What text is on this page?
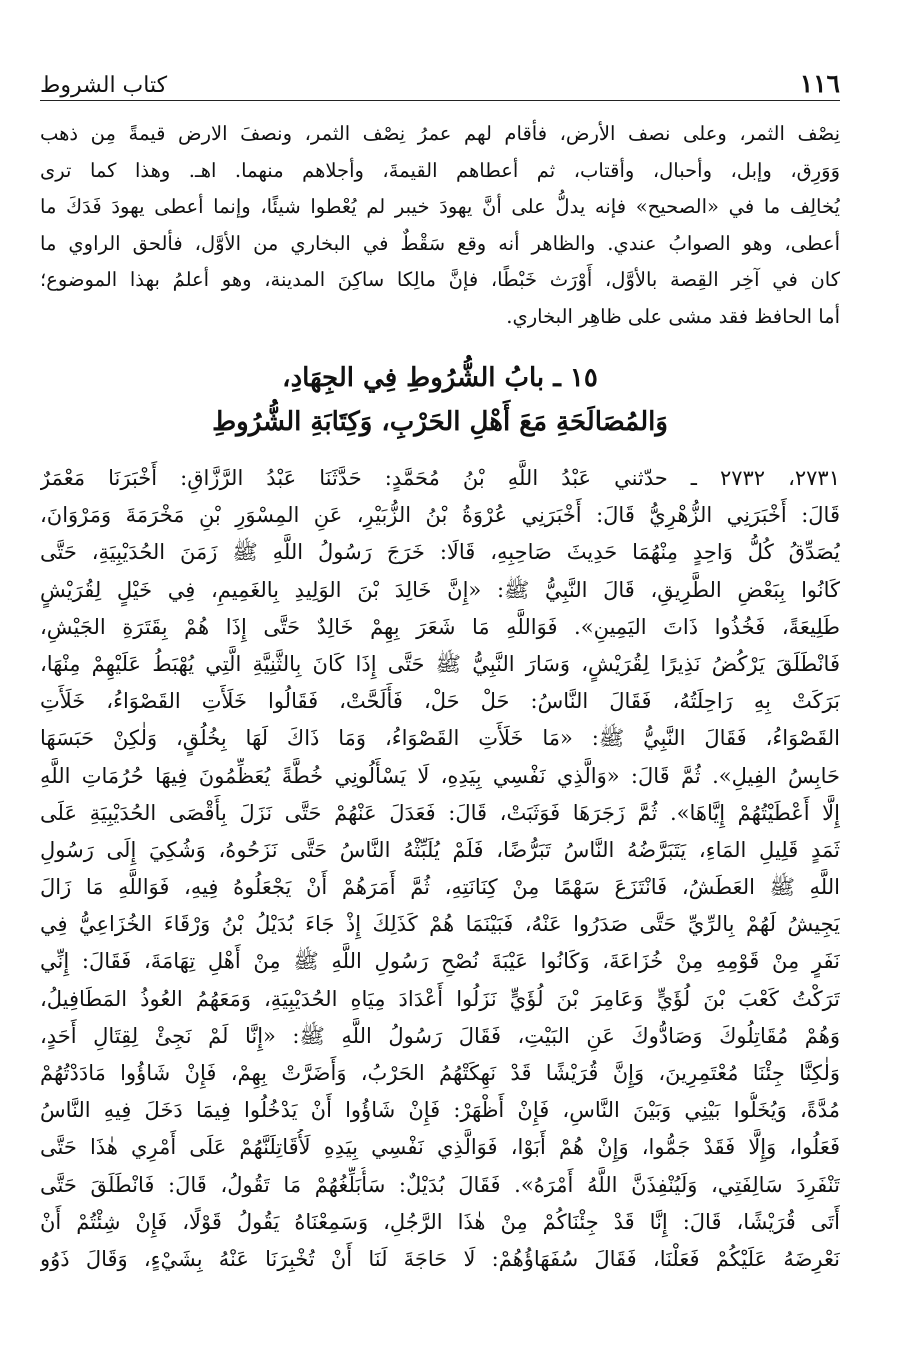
١١٦
كتاب الشروط
نِصْف الثمر، وعلى نصف الأرض، فأقام لهم عمرُ نِصْف الثمر، ونصفَ الارض قيمةً مِن ذهب
وَوَرِق، وإبل، وأحبال، وأقتاب، ثم أعطاهم القيمةَ، وأجلاهم منهما. اهـ. وهذا كما ترى
يُخالِف ما في «الصحيح» فإنه يدلُّ على أنَّ يهودَ خيبر لم يُعْطوا شيئًا، وإنما أعطى يهودَ فَدَكَ ما
أعطى، وهو الصوابُ عندي. والظاهر أنه وقع سَقْطٌ في البخاري من الأوَّل، فألحق الراوي ما
كان في آخِر القِصة بالأوَّل، أَوْرَث خَبْطًا، فإنَّ مالِكا ساكِنَ المدينة، وهو أعلمُ بهذا الموضوع؛
أما الحافظ فقد مشى على ظاهِر البخاري.
١٥ ـ بابُ الشُّرُوطِ فِي الجِهَادِ،
وَالمُصَالَحَةِ مَعَ أَهْلِ الحَرْبِ، وَكِتَابَةِ الشُّرُوطِ
٢٧٣١، ٢٧٣٢ ـ حدّثني عَبْدُ اللَّهِ بْنُ مُحَمَّدٍ: حَدَّثَنَا عَبْدُ الرَّزَّاقِ: أَخْبَرَنَا مَعْمَرٌ
قَالَ: أَخْبَرَنِي الزُّهْرِيُّ قَالَ: أَخْبَرَنِي عُرْوَةُ بْنُ الزُّبَيْرِ، عَنِ المِسْوَرِ بْنِ مَخْرَمَةَ وَمَرْوَانَ،
يُصَدِّقُ كُلُّ وَاحِدٍ مِنْهُمَا حَدِيثَ صَاحِبِهِ، قَالَا: خَرَجَ رَسُولُ اللَّهِ ﷺ زَمَنَ الحُدَيْبِيَةِ، حَتَّى
كَانُوا بِبَعْضِ الطَّرِيقِ، قَالَ النَّبِيُّ ﷺ: «إِنَّ خَالِدَ بْنَ الوَلِيدِ بِالغَمِيمِ، فِي خَيْلٍ لِقُرَيْشٍ
طَلِيعَةً، فَخُذُوا ذَاتَ اليَمِينِ». فَوَاللَّهِ مَا شَعَرَ بِهِمْ خَالِدٌ حَتَّى إِذَا هُمْ بِقَتَرَةِ الجَيْشِ،
فَانْطَلَقَ يَرْكُضُ نَذِيرًا لِقُرَيْشٍ، وَسَارَ النَّبِيُّ ﷺ حَتَّى إِذَا كَانَ بِالثَّنِيَّةِ الَّتِي يُهْبَطُ عَلَيْهِمْ مِنْهَا،
بَرَكَتْ بِهِ رَاحِلَتُهُ، فَقَالَ النَّاسُ: حَلْ حَلْ، فَأَلَحَّتْ، فَقَالُوا خَلَأَتِ القَصْوَاءُ، خَلَأَتِ
القَصْوَاءُ، فَقَالَ النَّبِيُّ ﷺ: «مَا خَلَأَتِ القَصْوَاءُ، وَمَا ذَاكَ لَهَا بِخُلُقٍ، وَلٰكِنْ حَبَسَهَا
حَابِسُ الفِيلِ». ثُمَّ قَالَ: «وَالَّذِي نَفْسِي بِيَدِهِ، لَا يَسْأَلُونِي خُطَّةً يُعَظِّمُونَ فِيهَا حُرُمَاتِ اللَّهِ
إِلَّا أَعْطَيْتُهُمْ إِيَّاهَا». ثُمَّ زَجَرَهَا فَوَثَبَتْ، قَالَ: فَعَدَلَ عَنْهُمْ حَتَّى نَزَلَ بِأَقْصَى الحُدَيْبِيَةِ عَلَى
ثَمَدٍ قَلِيلِ المَاءِ، يَتَبَرَّضُهُ النَّاسُ تَبَرُّضًا، فَلَمْ يُلَبِّثْهُ النَّاسُ حَتَّى نَزَحُوهُ، وَشُكِيَ إِلَى رَسُولِ
اللَّهِ ﷺ العَطَشُ، فَانْتَزَعَ سَهْمًا مِنْ كِنَانَتِهِ، ثُمَّ أَمَرَهُمْ أَنْ يَجْعَلُوهُ فِيهِ، فَوَاللَّهِ مَا زَالَ
يَجِيشُ لَهُمْ بِالرِّيِّ حَتَّى صَدَرُوا عَنْهُ، فَبَيْنَمَا هُمْ كَذَلِكَ إِذْ جَاءَ بُدَيْلُ بْنُ وَرْقَاءَ الخُزَاعِيُّ فِي
نَفَرٍ مِنْ قَوْمِهِ مِنْ خُزَاعَةَ، وَكَانُوا عَيْبَةَ نُصْحِ رَسُولِ اللَّهِ ﷺ مِنْ أَهْلِ تِهَامَةَ، فَقَالَ: إِنِّي
تَرَكْتُ كَعْبَ بْنَ لُؤَيٍّ وَعَامِرَ بْنَ لُؤَيٍّ نَزَلُوا أَعْدَادَ مِيَاهِ الحُدَيْبِيَةِ، وَمَعَهُمُ العُوذُ المَطَافِيلُ،
وَهُمْ مُقَاتِلُوكَ وَصَادُّوكَ عَنِ البَيْتِ، فَقَالَ رَسُولُ اللَّهِ ﷺ: «إِنَّا لَمْ نَجِئْ لِقِتَالِ أَحَدٍ،
وَلٰكِنَّا جِئْنَا مُعْتَمِرِينَ، وَإِنَّ قُرَيْشًا قَدْ نَهِكَتْهُمُ الحَرْبُ، وَأَضَرَّتْ بِهِمْ، فَإِنْ شَاؤُوا مَادَدْتُهُمْ
مُدَّةً، وَيُخَلُّوا بَيْنِي وَبَيْنَ النَّاسِ، فَإِنْ أَظْهَرْ: فَإِنْ شَاؤُوا أَنْ يَدْخُلُوا فِيمَا دَخَلَ فِيهِ النَّاسُ
فَعَلُوا، وَإِلَّا فَقَدْ جَمُّوا، وَإِنْ هُمْ أَبَوْا، فَوَالَّذِي نَفْسِي بِيَدِهِ لَأُقَاتِلَنَّهُمْ عَلَى أَمْرِي هٰذَا حَتَّى
تَنْفَرِدَ سَالِفَتِي، وَلَيُنْفِذَنَّ اللَّهُ أَمْرَهُ». فَقَالَ بُدَيْلٌ: سَأُبَلِّغُهُمْ مَا تَقُولُ، قَالَ: فَانْطَلَقَ حَتَّى
أَتَى قُرَيْشًا، قَالَ: إِنَّا قَدْ جِئْنَاكُمْ مِنْ هٰذَا الرَّجُلِ، وَسَمِعْنَاهُ يَقُولُ قَوْلًا، فَإِنْ شِئْتُمْ أَنْ
نَعْرِضَهُ عَلَيْكُمْ فَعَلْنَا، فَقَالَ سُفَهَاؤُهُمْ: لَا حَاجَةَ لَنَا أَنْ تُخْبِرَنَا عَنْهُ بِشَيْءٍ، وَقَالَ ذَوُو
